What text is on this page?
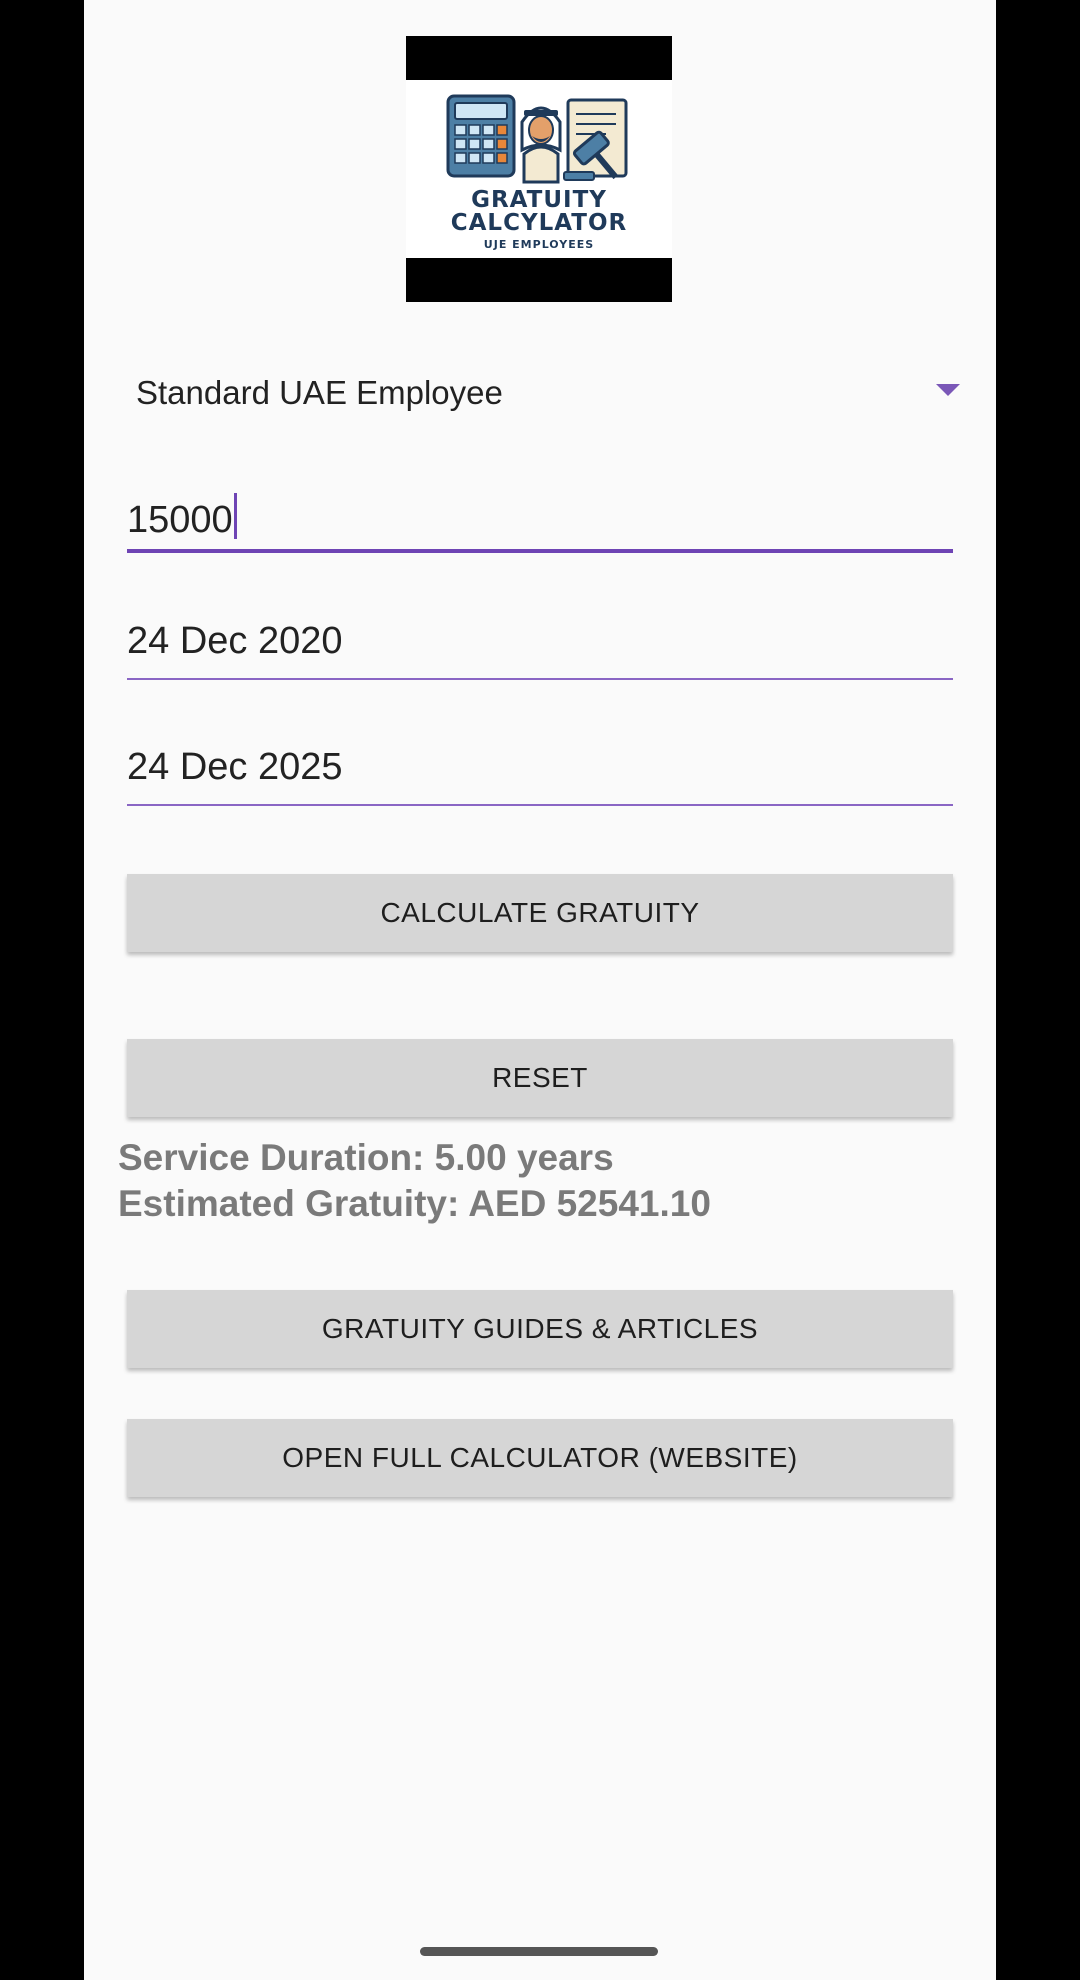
GRATUITY
CALCYLATOR
UJE EMPLOYEES
Standard UAE Employee
15000
24 Dec 2020
24 Dec 2025
CALCULATE GRATUITY
RESET
Service Duration: 5.00 years
Estimated Gratuity: AED 52541.10
GRATUITY GUIDES & ARTICLES
OPEN FULL CALCULATOR (WEBSITE)
